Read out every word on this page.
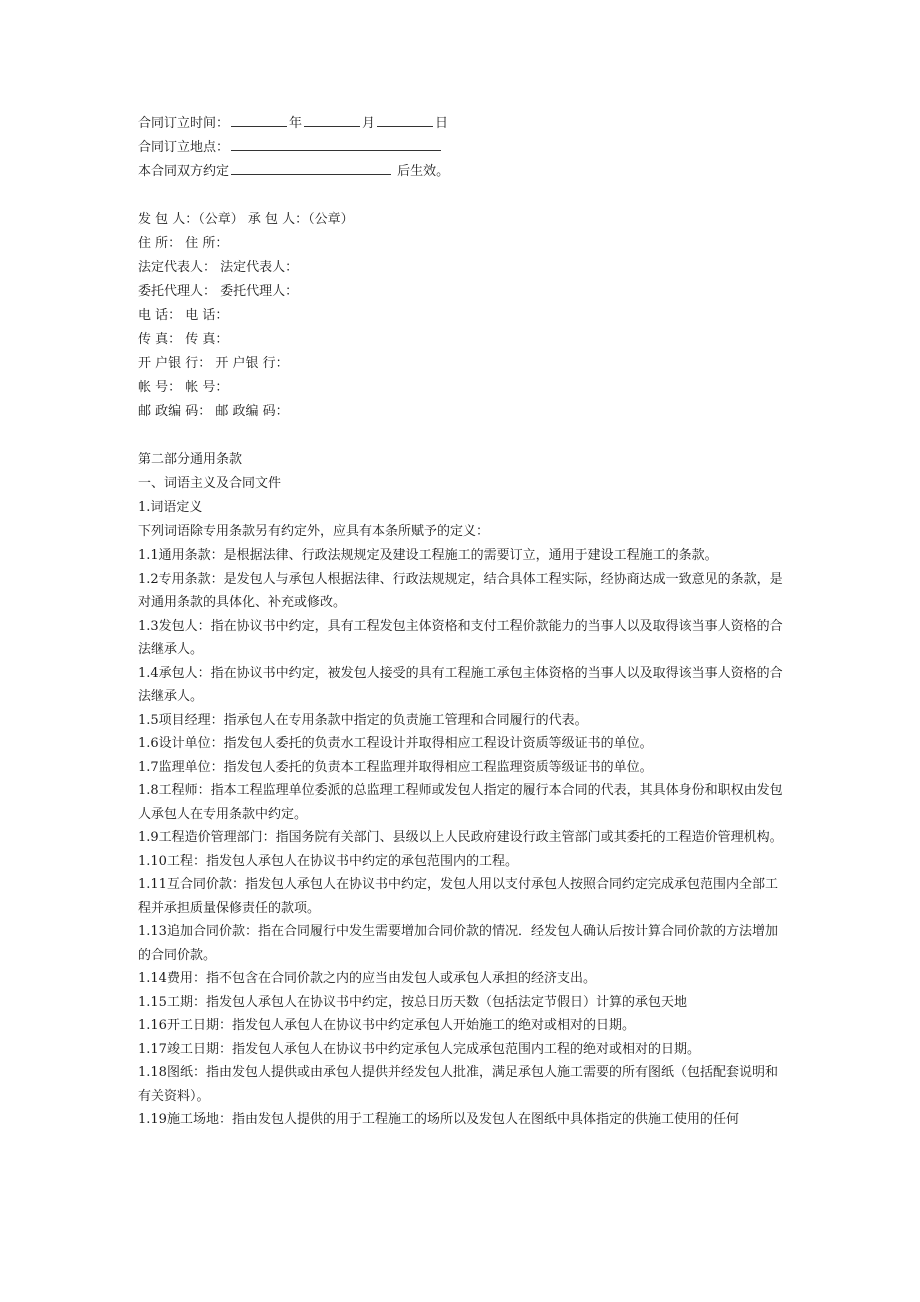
合同订立时间：	年	月	日
合同订立地点：
本合同双方约定	后生效。
发 包 人：（公章） 承 包 人：（公章）
住 所： 住 所：
法定代表人： 法定代表人：
委托代理人： 委托代理人：
电 话： 电 话：
传 真： 传 真：
开 户银 行： 开 户银 行：
帐 号： 帐 号：
邮 政编 码： 邮 政编 码：
第二部分通用条款
一、词语主义及合同文件
1.词语定义
下列词语除专用条款另有约定外，应具有本条所赋予的定义：
1.1通用条款：是根据法律、行政法规规定及建设工程施工的需要订立，通用于建设工程施工的条款。
1.2专用条款：是发包人与承包人根据法律、行政法规规定，结合具体工程实际，经协商达成一致意见的条款，是对通用条款的具体化、补充或修改。
1.3发包人：指在协议书中约定，具有工程发包主体资格和支付工程价款能力的当事人以及取得该当事人资格的合法继承人。
1.4承包人：指在协议书中约定，被发包人接受的具有工程施工承包主体资格的当事人以及取得该当事人资格的合法继承人。
1.5项目经理：指承包人在专用条款中指定的负责施工管理和合同履行的代表。
1.6设计单位：指发包人委托的负责水工程设计并取得相应工程设计资质等级证书的单位。
1.7监理单位：指发包人委托的负责本工程监理并取得相应工程监理资质等级证书的单位。
1.8工程师：指本工程监理单位委派的总监理工程师或发包人指定的履行本合同的代表，其具体身份和职权由发包人承包人在专用条款中约定。
1.9工程造价管理部门：指国务院有关部门、县级以上人民政府建设行政主管部门或其委托的工程造价管理机构。
1.10工程：指发包人承包人在协议书中约定的承包范围内的工程。
1.11互合同价款：指发包人承包人在协议书中约定，发包人用以支付承包人按照合同约定完成承包范围内全部工程并承担质量保修责任的款项。
1.13追加合同价款：指在合同履行中发生需要增加合同价款的情况．经发包人确认后按计算合同价款的方法增加的合同价款。
1.14费用：指不包含在合同价款之内的应当由发包人或承包人承担的经济支出。
1.15工期：指发包人承包人在协议书中约定，按总日历天数（包括法定节假日）计算的承包天地
1.16开工日期：指发包人承包人在协议书中约定承包人开始施工的绝对或相对的日期。
1.17竣工日期：指发包人承包人在协议书中约定承包人完成承包范围内工程的绝对或相对的日期。
1.18图纸：指由发包人提供或由承包人提供并经发包人批准，满足承包人施工需要的所有图纸（包括配套说明和有关资料）。
1.19施工场地：指由发包人提供的用于工程施工的场所以及发包人在图纸中具体指定的供施工使用的任何
